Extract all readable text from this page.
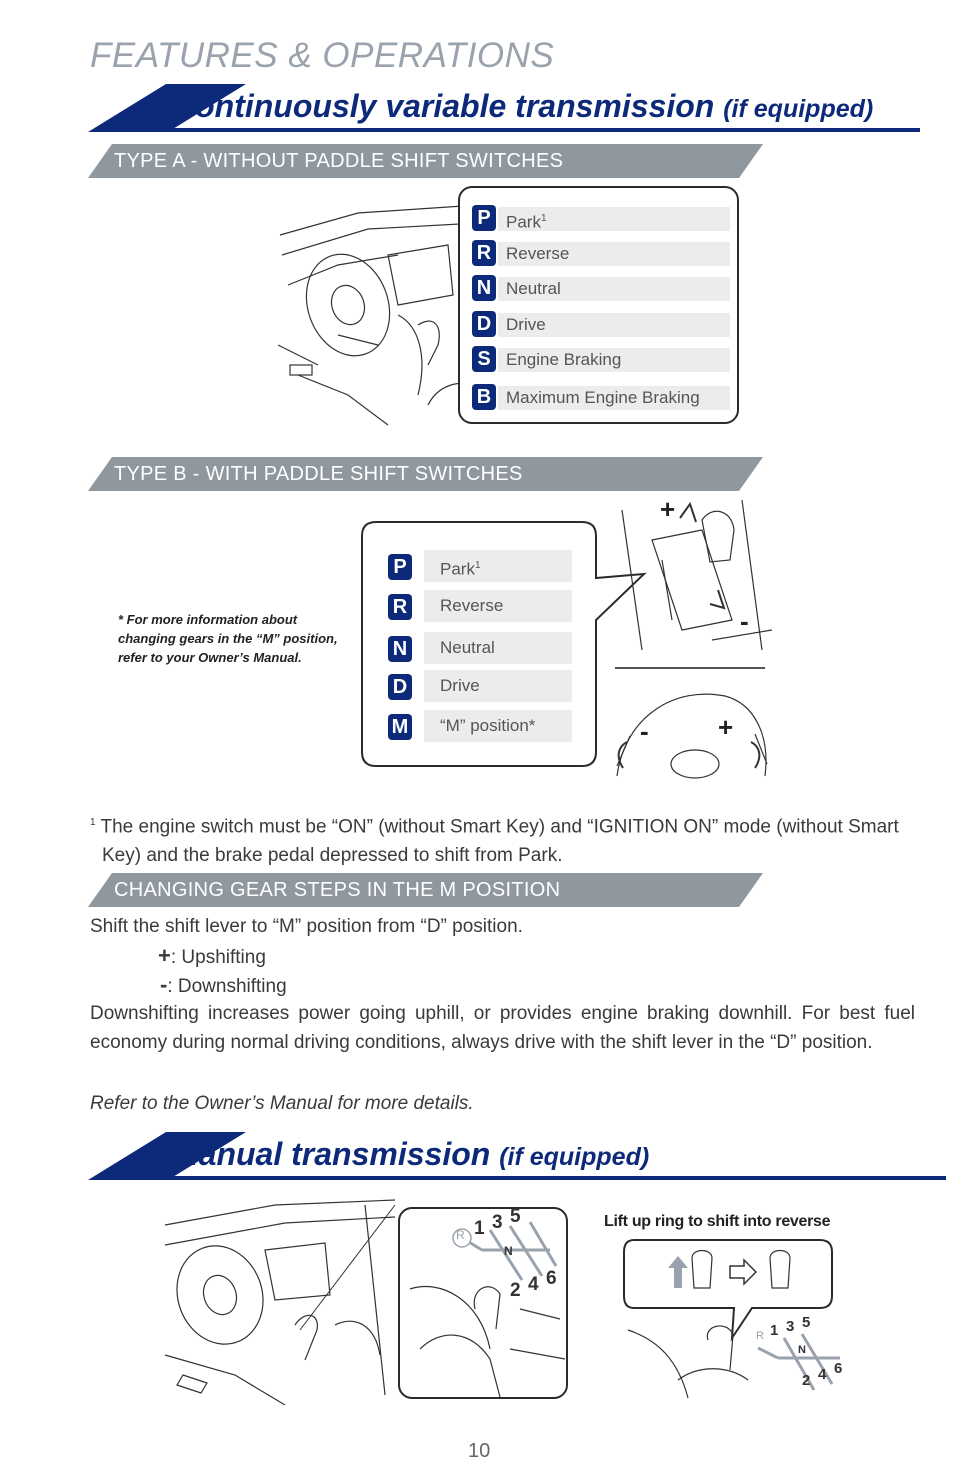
FEATURES & OPERATIONS
Continuously variable transmission (if equipped)
TYPE A - WITHOUT PADDLE SHIFT SWITCHES
P Park$^1$
R Reverse
N Neutral
D Drive
S Engine Braking
B Maximum Engine Braking
TYPE B - WITH PADDLE SHIFT SWITCHES
* For more information about changing gears in the “M” position, refer to your Owner’s Manual.
P	Park$^1$
R	Reverse
N	Neutral
D	Drive
M	“M” position*
+
-
-	+
$^1$ The engine switch must be “ON” (without Smart Key) and “IGNITION ON” mode (without Smart Key) and the brake pedal depressed to shift from Park.
CHANGING GEAR STEPS IN THE M POSITION
Shift the shift lever to “M” position from “D” position.
+: Upshifting
-: Downshifting
Downshifting increases power going uphill, or provides engine braking downhill. For best fuel economy during normal driving conditions, always drive with the shift lever in the “D” position.
Refer to the Owner’s Manual for more details.
Manual transmission (if equipped)
R 1 3 5
N
2 4 6
Lift up ring to shift into reverse
R 1 3 5
N
2 4 6
10
